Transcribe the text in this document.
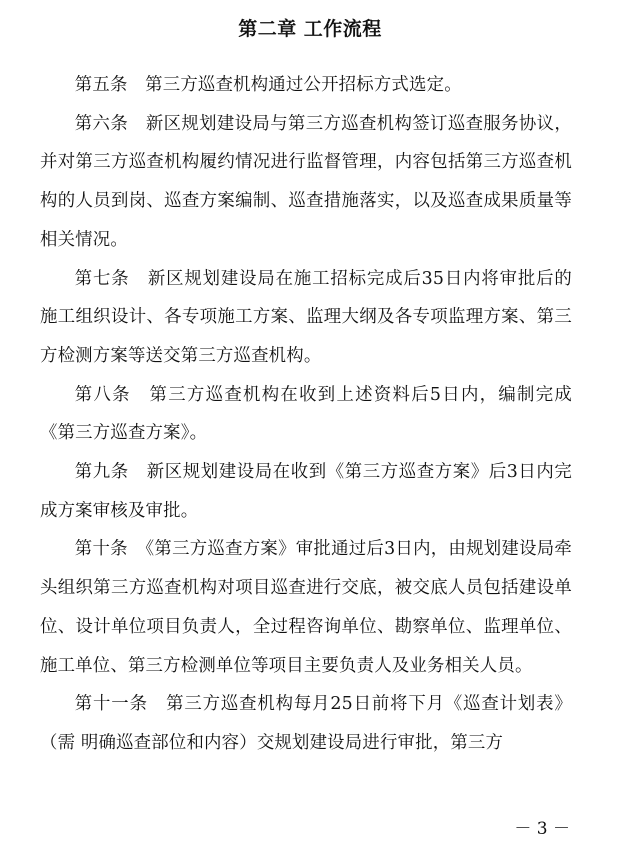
第二章 工作流程

第五条　第三方巡查机构通过公开招标方式选定。

第六条　新区规划建设局与第三方巡查机构签订巡查服务协议，并对第三方巡查机构履约情况进行监督管理，内容包括第三方巡查机构的人员到岗、巡查方案编制、巡查措施落实，以及巡查成果质量等相关情况。

第七条　新区规划建设局在施工招标完成后35日内将审批后的施工组织设计、各专项施工方案、监理大纲及各专项监理方案、第三方检测方案等送交第三方巡查机构。

第八条　第三方巡查机构在收到上述资料后5日内，编制完成《第三方巡查方案》。

第九条　新区规划建设局在收到《第三方巡查方案》后3日内完成方案审核及审批。

第十条　《第三方巡查方案》审批通过后3日内，由规划建设局牵头组织第三方巡查机构对项目巡查进行交底，被交底人员包括建设单位、设计单位项目负责人，全过程咨询单位、勘察单位、监理单位、施工单位、第三方检测单位等项目主要负责人及业务相关人员。

第十一条　第三方巡查机构每月25日前将下月《巡查计划表》（需 明确巡查部位和内容）交规划建设局进行审批，第三方

－ 3 －
